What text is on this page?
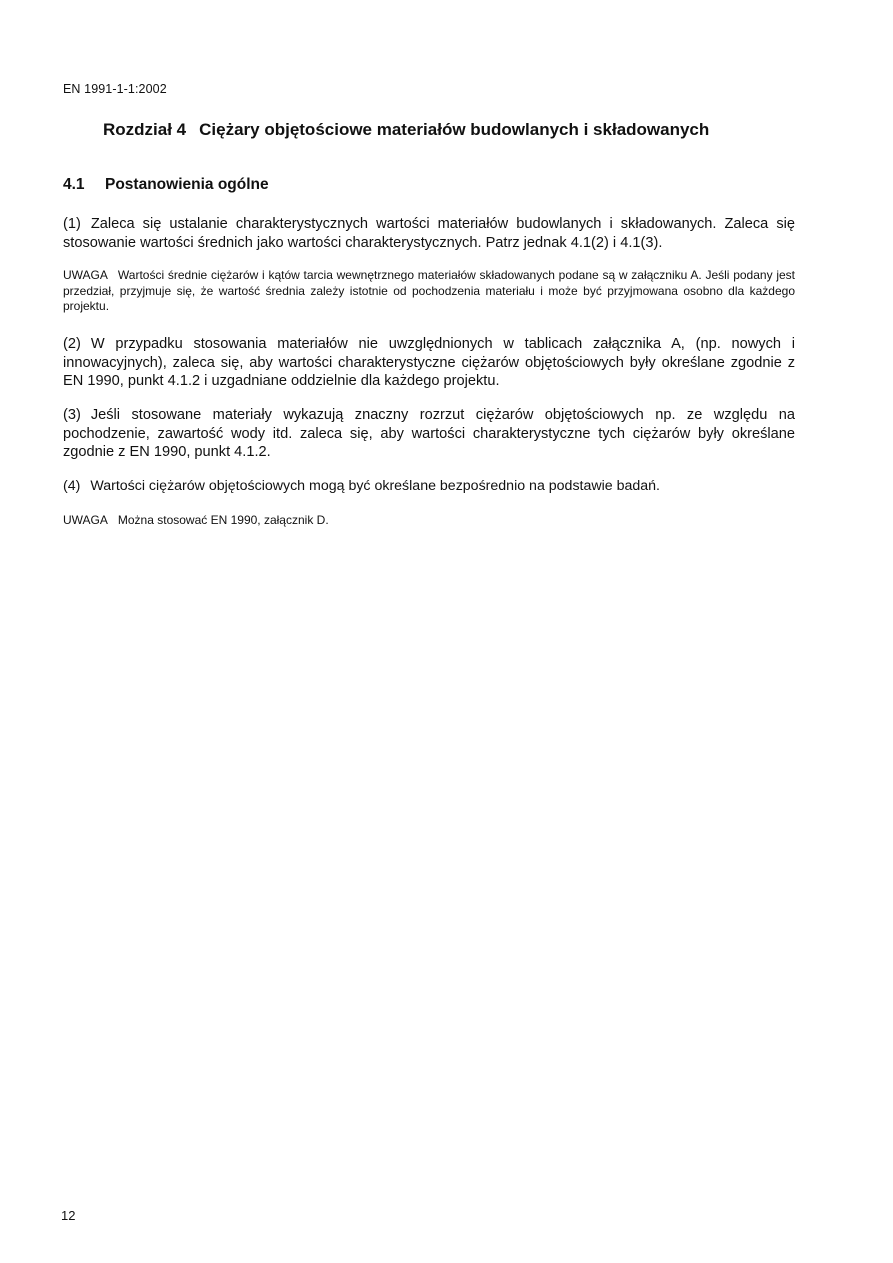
EN 1991-1-1:2002
Rozdział 4 Ciężary objętościowe materiałów budowlanych i składowanych
4.1 Postanowienia ogólne
(1) Zaleca się ustalanie charakterystycznych wartości materiałów budowlanych i składowanych. Zaleca się stosowanie wartości średnich jako wartości charakterystycznych. Patrz jednak 4.1(2) i 4.1(3).
UWAGA Wartości średnie ciężarów i kątów tarcia wewnętrznego materiałów składowanych podane są w załączniku A. Jeśli podany jest przedział, przyjmuje się, że wartość średnia zależy istotnie od pochodzenia materiału i może być przyjmowana osobno dla każdego projektu.
(2) W przypadku stosowania materiałów nie uwzględnionych w tablicach załącznika A, (np. nowych i innowacyjnych), zaleca się, aby wartości charakterystyczne ciężarów objętościowych były określane zgodnie z EN 1990, punkt 4.1.2 i uzgadniane oddzielnie dla każdego projektu.
(3) Jeśli stosowane materiały wykazują znaczny rozrzut ciężarów objętościowych np. ze względu na pochodzenie, zawartość wody itd. zaleca się, aby wartości charakterystyczne tych ciężarów były określane zgodnie z EN 1990, punkt 4.1.2.
(4) Wartości ciężarów objętościowych mogą być określane bezpośrednio na podstawie badań.
UWAGA Można stosować EN 1990, załącznik D.
12
